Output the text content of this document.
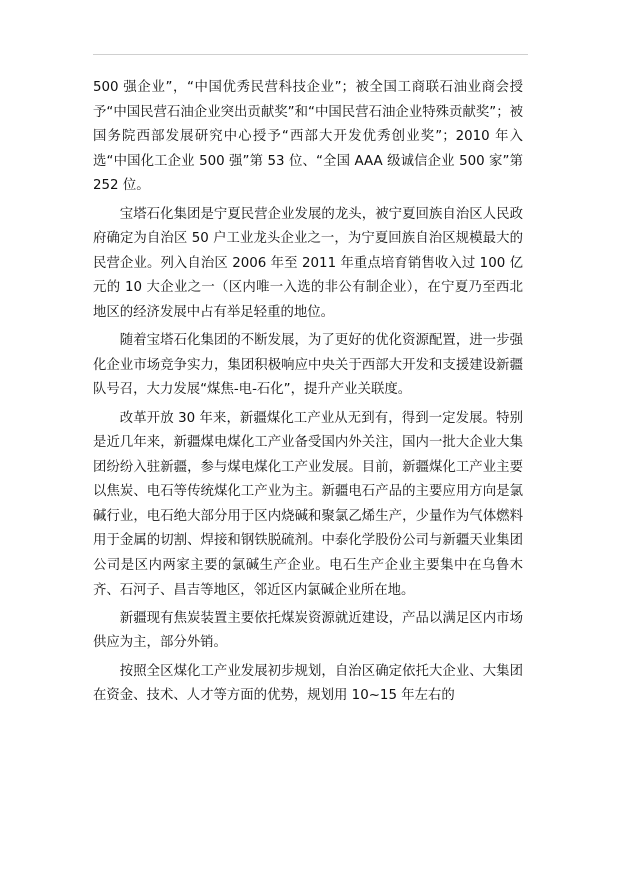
500 强企业”，“中国优秀民营科技企业”；被全国工商联石油业商会授予“中国民营石油企业突出贡献奖”和“中国民营石油企业特殊贡献奖”；被国务院西部发展研究中心授予“西部大开发优秀创业奖”；2010 年入选“中国化工企业 500 强”第 53 位、“全国 AAA 级诚信企业 500 家”第 252 位。

宝塔石化集团是宁夏民营企业发展的龙头，被宁夏回族自治区人民政府确定为自治区 50 户工业龙头企业之一，为宁夏回族自治区规模最大的民营企业。列入自治区 2006 年至 2011 年重点培育销售收入过 100 亿元的 10 大企业之一（区内唯一入选的非公有制企业），在宁夏乃至西北地区的经济发展中占有举足轻重的地位。

随着宝塔石化集团的不断发展，为了更好的优化资源配置，进一步强化企业市场竞争实力，集团积极响应中央关于西部大开发和支援建设新疆队号召，大力发展“煤焦-电-石化”，提升产业关联度。

改革开放 30 年来，新疆煤化工产业从无到有，得到一定发展。特别是近几年来，新疆煤电煤化工产业备受国内外关注，国内一批大企业大集团纷纷入驻新疆，参与煤电煤化工产业发展。目前，新疆煤化工产业主要以焦炭、电石等传统煤化工产业为主。新疆电石产品的主要应用方向是氯碱行业，电石绝大部分用于区内烧碱和聚氯乙烯生产，少量作为气体燃料用于金属的切割、焊接和钢铁脱硫剂。中泰化学股份公司与新疆天业集团公司是区内两家主要的氯碱生产企业。电石生产企业主要集中在乌鲁木齐、石河子、昌吉等地区，邻近区内氯碱企业所在地。

新疆现有焦炭装置主要依托煤炭资源就近建设，产品以满足区内市场供应为主，部分外销。

按照全区煤化工产业发展初步规划，自治区确定依托大企业、大集团在资金、技术、人才等方面的优势，规划用 10~15 年左右的
